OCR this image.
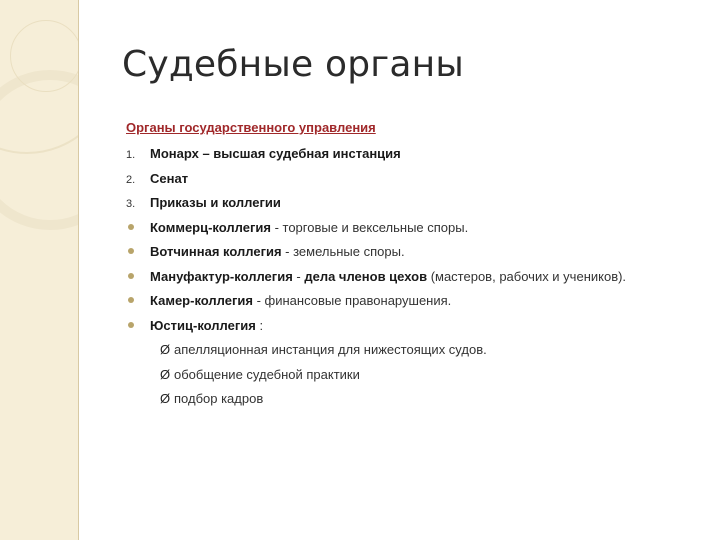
Судебные органы

Органы государственного управления

1.	Монарх – высшая судебная инстанция
2.	Сенат
3.	Приказы и коллегии
Коммерц-коллегия - торговые и вексельные споры.
Вотчинная коллегия - земельные споры.
Мануфактур-коллегия - дела членов цехов (мастеров, рабочих и учеников).
Камер-коллегия - финансовые правонарушения.
Юстиц-коллегия :
Ø апелляционная инстанция для нижестоящих судов.
Ø обобщение судебной практики
Ø подбор кадров
